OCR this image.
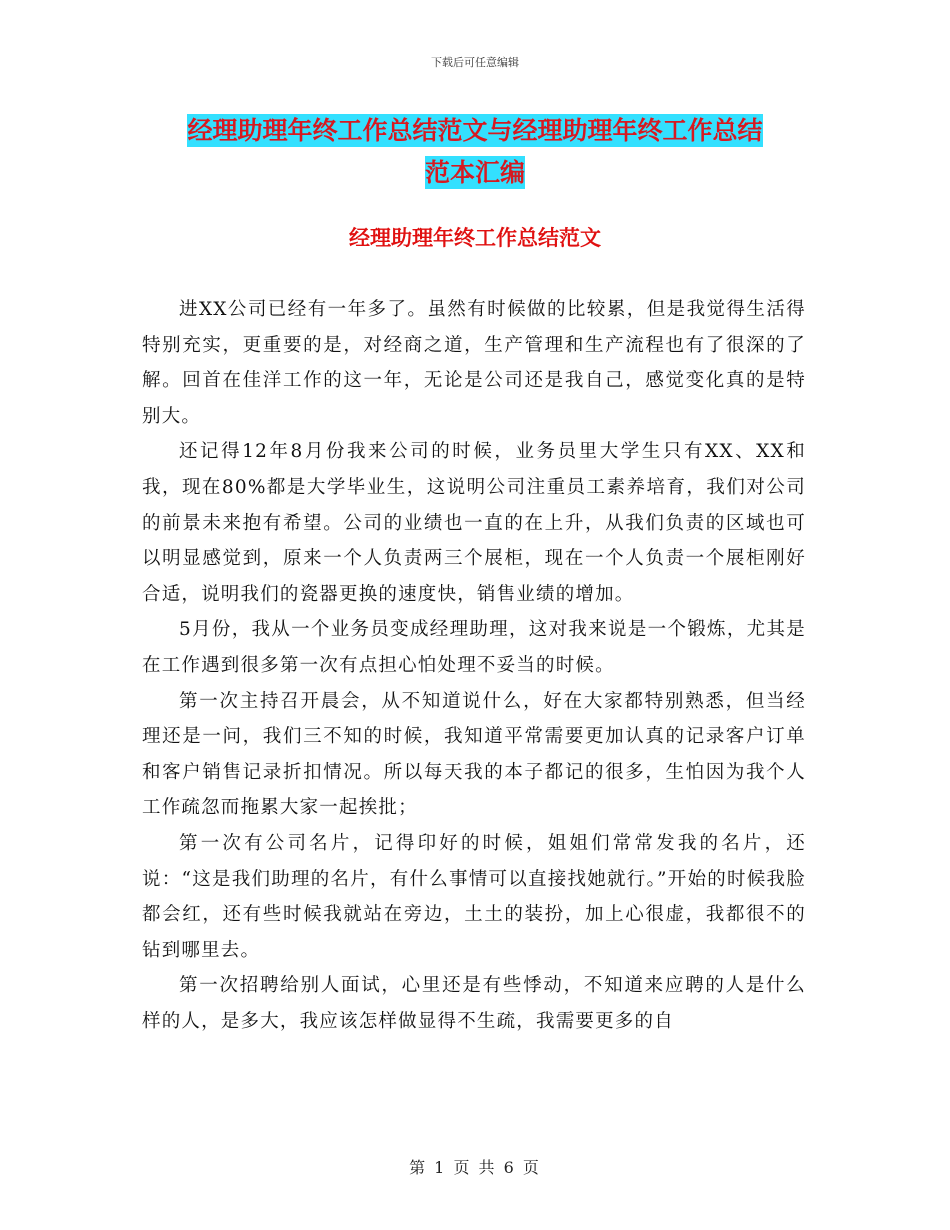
下载后可任意编辑
经理助理年终工作总结范文与经理助理年终工作总结
范本汇编
经理助理年终工作总结范文

进XX公司已经有一年多了。虽然有时候做的比较累，但是我觉得生活得特别充实，更重要的是，对经商之道，生产管理和生产流程也有了很深的了解。回首在佳洋工作的这一年，无论是公司还是我自己，感觉变化真的是特别大。

还记得12年8月份我来公司的时候，业务员里大学生只有XX、XX和我，现在80%都是大学毕业生，这说明公司注重员工素养培育，我们对公司的前景未来抱有希望。公司的业绩也一直的在上升，从我们负责的区域也可以明显感觉到，原来一个人负责两三个展柜，现在一个人负责一个展柜刚好合适，说明我们的瓷器更换的速度快，销售业绩的增加。

5月份，我从一个业务员变成经理助理，这对我来说是一个锻炼，尤其是在工作遇到很多第一次有点担心怕处理不妥当的时候。

第一次主持召开晨会，从不知道说什么，好在大家都特别熟悉，但当经理还是一问，我们三不知的时候，我知道平常需要更加认真的记录客户订单和客户销售记录折扣情况。所以每天我的本子都记的很多，生怕因为我个人工作疏忽而拖累大家一起挨批；

第一次有公司名片，记得印好的时候，姐姐们常常发我的名片，还说：“这是我们助理的名片，有什么事情可以直接找她就行。”开始的时候我脸都会红，还有些时候我就站在旁边，土土的装扮，加上心很虚，我都很不的钻到哪里去。

第一次招聘给别人面试，心里还是有些悸动，不知道来应聘的人是什么样的人，是多大，我应该怎样做显得不生疏，我需要更多的自

第 1 页 共 6 页
